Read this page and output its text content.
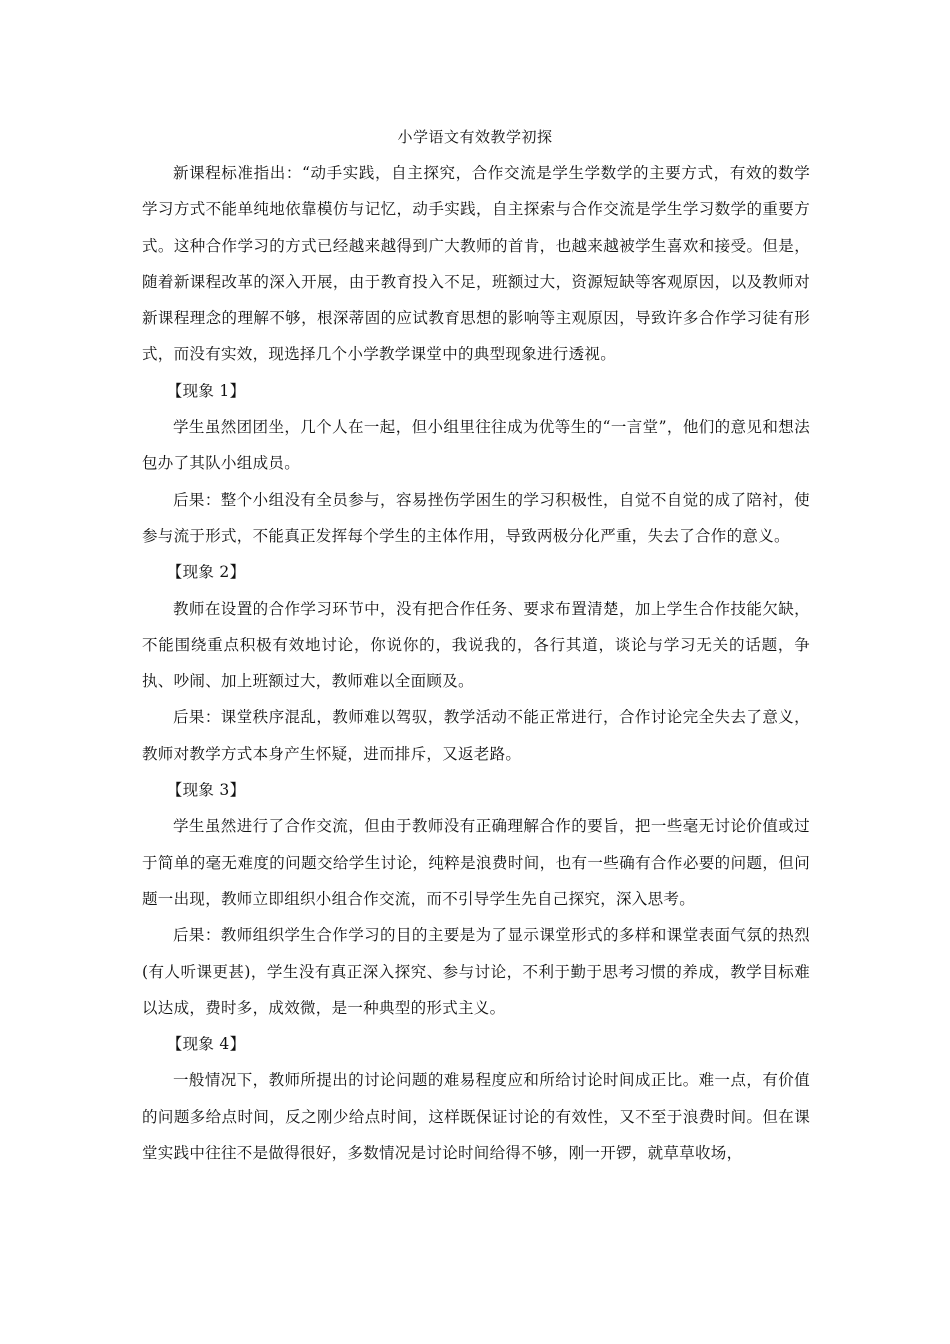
小学语文有效教学初探

新课程标准指出：“动手实践，自主探究，合作交流是学生学数学的主要方式，有效的数学学习方式不能单纯地依靠模仿与记忆，动手实践，自主探索与合作交流是学生学习数学的重要方式。这种合作学习的方式已经越来越得到广大教师的首肯，也越来越被学生喜欢和接受。但是，随着新课程改革的深入开展，由于教育投入不足，班额过大，资源短缺等客观原因，以及教师对新课程理念的理解不够，根深蒂固的应试教育思想的影响等主观原因，导致许多合作学习徒有形式，而没有实效，现选择几个小学教学课堂中的典型现象进行透视。

【现象 1】

学生虽然团团坐，几个人在一起，但小组里往往成为优等生的“一言堂”，他们的意见和想法包办了其队小组成员。

后果：整个小组没有全员参与，容易挫伤学困生的学习积极性，自觉不自觉的成了陪衬，使参与流于形式，不能真正发挥每个学生的主体作用，导致两极分化严重，失去了合作的意义。

【现象 2】

教师在设置的合作学习环节中，没有把合作任务、要求布置清楚，加上学生合作技能欠缺，不能围绕重点积极有效地讨论，你说你的，我说我的，各行其道，谈论与学习无关的话题，争执、吵闹、加上班额过大，教师难以全面顾及。

后果：课堂秩序混乱，教师难以驾驭，教学活动不能正常进行，合作讨论完全失去了意义，教师对教学方式本身产生怀疑，进而排斥，又返老路。

【现象 3】

学生虽然进行了合作交流，但由于教师没有正确理解合作的要旨，把一些毫无讨论价值或过于简单的毫无难度的问题交给学生讨论，纯粹是浪费时间，也有一些确有合作必要的问题，但问题一出现，教师立即组织小组合作交流，而不引导学生先自己探究，深入思考。

后果：教师组织学生合作学习的目的主要是为了显示课堂形式的多样和课堂表面气氛的热烈(有人听课更甚)，学生没有真正深入探究、参与讨论，不利于勤于思考习惯的养成，教学目标难以达成，费时多，成效微，是一种典型的形式主义。

【现象 4】

一般情况下，教师所提出的讨论问题的难易程度应和所给讨论时间成正比。难一点，有价值的问题多给点时间，反之刚少给点时间，这样既保证讨论的有效性，又不至于浪费时间。但在课堂实践中往往不是做得很好，多数情况是讨论时间给得不够，刚一开锣，就草草收场，
